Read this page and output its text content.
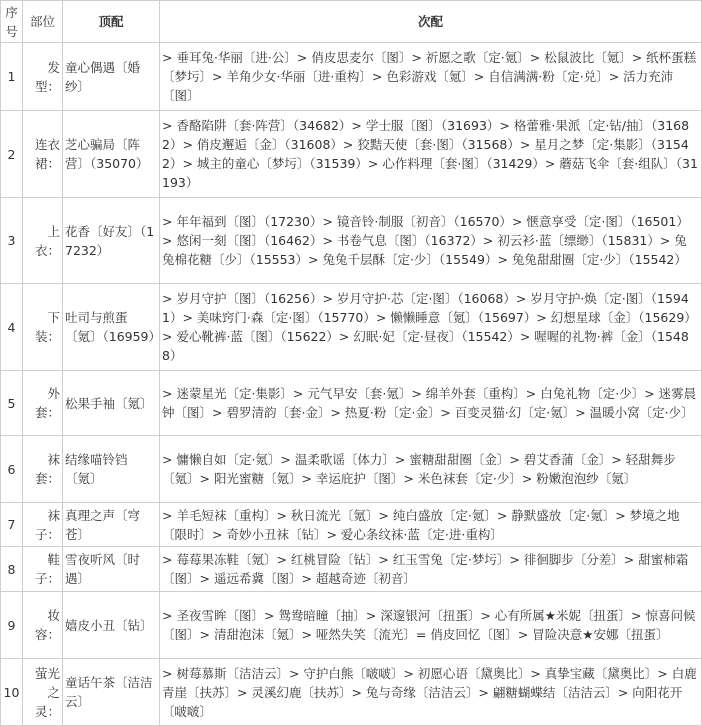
序号	部位	顶配	次配
1	发型：	童心偶遇〔婚纱〕	> 垂耳兔·华丽〔进·公〕> 俏皮思麦尔〔图〕> 祈愿之歌〔定·氪〕> 松鼠波比〔氪〕> 纸杯蛋糕〔梦圬〕> 羊角少女·华丽〔进·重构〕> 色彩游戏〔氪〕> 自信满满·粉〔定·兑〕> 活力充沛〔图〕
2	连衣裙：	芝心骗局〔阵营〕（35070）	> 香酪陷阱〔套·阵营〕（34682）> 学士服〔图〕（31693）> 格蕾雅·果派〔定·钻/抽〕（31682）> 俏皮邂逅〔金〕（31608）> 狡黠天使〔套·图〕（31568）> 星月之梦〔定·集影〕（31542）> 城主的童心〔梦圬〕（31539）> 心作料理〔套·图〕（31429）> 蘑菇飞伞〔套·组队〕（31193）
3	上衣：	花香〔好友〕（17232）	> 年年福到〔图〕（17230）> 镜音铃·制服〔初音〕（16570）> 惬意享受〔定·图〕（16501）> 悠闲一刻〔图〕（16462）> 书卷气息〔图〕（16372）> 初云衫·蓝〔缥缈〕（15831）> 兔兔棉花糖〔少〕（15553）> 兔兔千层酥〔定·少〕（15549）> 兔兔甜甜圈〔定·少〕（15542）
4	下装：	吐司与煎蛋〔氪〕（16959）	> 岁月守护〔图〕（16256）> 岁月守护·芯〔定·图〕（16068）> 岁月守护·焕〔定·图〕（15941）> 美味窍门·森〔定·图〕（15770）> 懒懒睡意〔氪〕（15697）> 幻想星球〔金〕（15629）> 爱心靴裤·蓝〔图〕（15622）> 幻眠·妃〔定·昼夜〕（15542）> 喔喔的礼物·裤〔金〕（15488）
5	外套：	松果手袖〔氪〕	> 迷蒙星光〔定·集影〕> 元气早安〔套·氪〕> 绵羊外套〔重构〕> 白兔礼物〔定·少〕> 迷雾晨钟〔图〕> 碧罗清韵〔套·金〕> 热夏·粉〔定·金〕> 百变灵猫·幻〔定·氪〕> 温暖小窝〔定·少〕
6	袜套：	结缘喵铃铛〔氪〕	> 慵懒自如〔定·氪〕> 温柔歌谣〔体力〕> 蜜糖甜甜圈〔金〕> 碧艾香蒲〔金〕> 轻甜舞步〔氪〕> 阳光蜜糖〔氪〕> 幸运庇护〔图〕> 米色袜套〔定·少〕> 粉嫩泡泡纱〔氪〕
7	袜子：	真理之声〔穹苍〕	> 羊毛短袜〔重构〕> 秋日流光〔氪〕> 纯白盛放〔定·氪〕> 静默盛放〔定·氪〕> 梦境之地〔限时〕> 奇妙小丑袜〔钻〕> 爱心条纹袜·蓝〔定·进·重构〕
8	鞋子：	雪夜听风〔时遇〕	> 莓莓果冻鞋〔氪〕> 红桃冒险〔钻〕> 红玉雪兔〔定·梦圬〕> 徘徊脚步〔分差〕> 甜蜜柿霜〔图〕> 遥远希冀〔图〕> 超越奇迹〔初音〕
9	妆容：	嬉皮小丑〔钻〕	> 圣夜雪眸〔图〕> 鸳鸯暗瞳〔抽〕> 深邃银河〔扭蛋〕> 心有所属★米妮〔扭蛋〕> 惊喜问候〔图〕> 清甜泡沫〔氪〕> 哑然失笑〔流光〕= 俏皮回忆〔图〕> 冒险决意★安娜〔扭蛋〕
10	萤光之灵：	童话午茶〔洁洁云〕	> 树莓慕斯〔洁洁云〕> 守护白熊〔啵啵〕> 初愿心语〔黛奥比〕> 真挚宝藏〔黛奥比〕> 白鹿青崖〔扶苏〕> 灵溪幻鹿〔扶苏〕> 兔与奇缘〔洁洁云〕> 翩糖蝴蝶结〔洁洁云〕> 向阳花开〔啵啵〕
